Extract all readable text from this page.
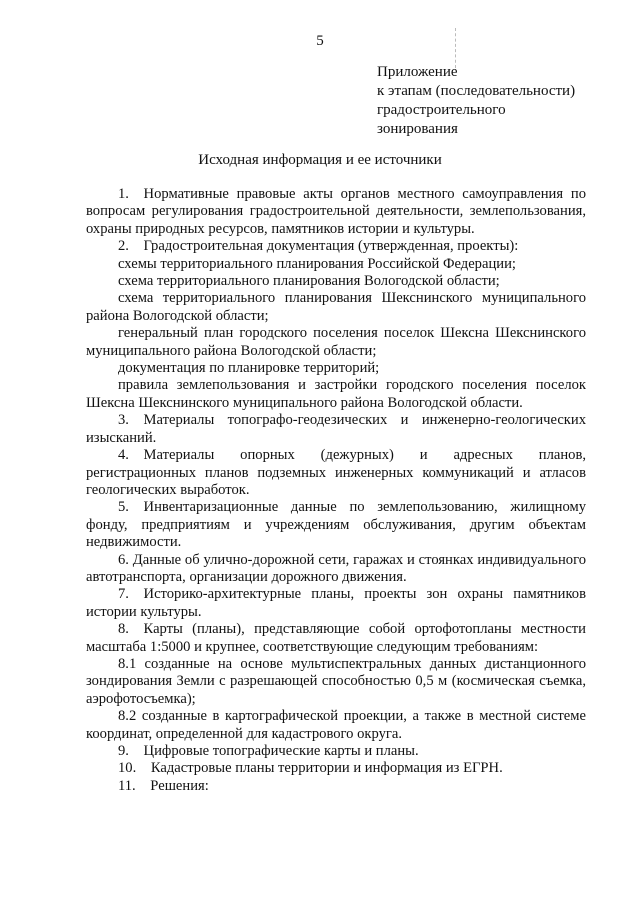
5
Приложение
к этапам (последовательности)
градостроительного
зонирования
Исходная информация и ее источники
1. Нормативные правовые акты органов местного самоуправления по вопросам регулирования градостроительной деятельности, землепользования, охраны природных ресурсов, памятников истории и культуры.
2. Градостроительная документация (утвержденная, проекты):
схемы территориального планирования Российской Федерации;
схема территориального планирования Вологодской области;
схема территориального планирования Шекснинского муниципального района Вологодской области;
генеральный план городского поселения поселок Шексна Шекснинского муниципального района Вологодской области;
документация по планировке территорий;
правила землепользования и застройки городского поселения поселок Шексна Шекснинского муниципального района Вологодской области.
3. Материалы топографо-геодезических и инженерно-геологических изысканий.
4. Материалы опорных (дежурных) и адресных планов, регистрационных планов подземных инженерных коммуникаций и атласов геологических выработок.
5. Инвентаризационные данные по землепользованию, жилищному фонду, предприятиям и учреждениям обслуживания, другим объектам недвижимости.
6. Данные об улично-дорожной сети, гаражах и стоянках индивидуального автотранспорта, организации дорожного движения.
7. Историко-архитектурные планы, проекты зон охраны памятников истории культуры.
8. Карты (планы), представляющие собой ортофотопланы местности масштаба 1:5000 и крупнее, соответствующие следующим требованиям:
8.1 созданные на основе мультиспектральных данных дистанционного зондирования Земли с разрешающей способностью 0,5 м (космическая съемка, аэрофотосъемка);
8.2 созданные в картографической проекции, а также в местной системе координат, определенной для кадастрового округа.
9. Цифровые топографические карты и планы.
10. Кадастровые планы территории и информация из ЕГРН.
11. Решения:
